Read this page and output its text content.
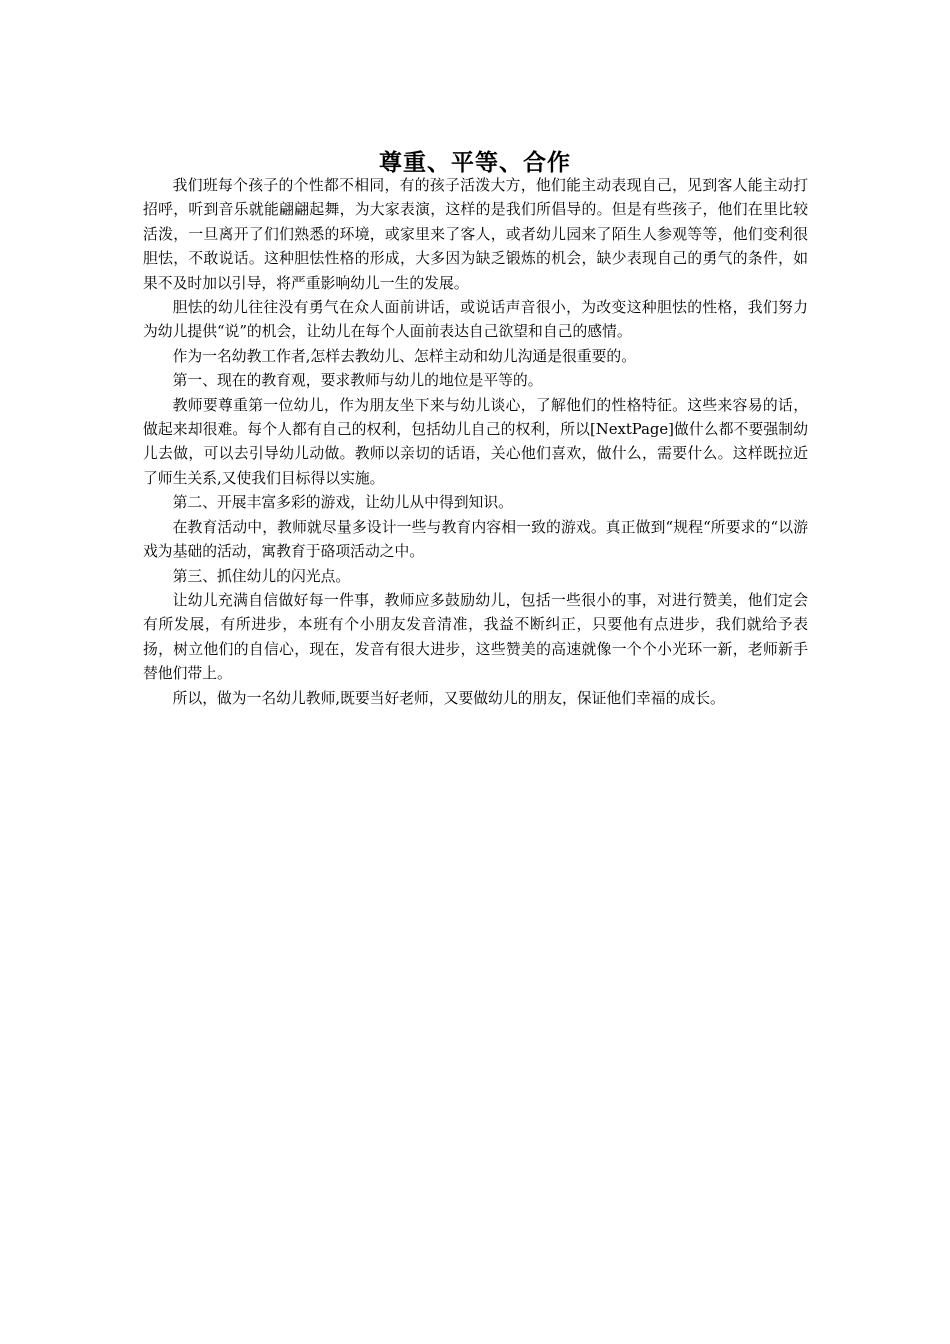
尊重、平等、合作

我们班每个孩子的个性都不相同，有的孩子活泼大方，他们能主动表现自己，见到客人能主动打招呼，听到音乐就能翩翩起舞，为大家表演，这样的是我们所倡导的。但是有些孩子，他们在里比较活泼，一旦离开了们们熟悉的环境，或家里来了客人，或者幼儿园来了陌生人参观等等，他们变利很胆怯，不敢说话。这种胆怯性格的形成，大多因为缺乏锻炼的机会，缺少表现自己的勇气的条件，如果不及时加以引导，将严重影响幼儿一生的发展。

胆怯的幼儿往往没有勇气在众人面前讲话，或说话声音很小，为改变这种胆怯的性格，我们努力为幼儿提供“说”的机会，让幼儿在每个人面前表达自己欲望和自己的感情。

作为一名幼教工作者,怎样去教幼儿、怎样主动和幼儿沟通是很重要的。

第一、现在的教育观，要求教师与幼儿的地位是平等的。

教师要尊重第一位幼儿，作为朋友坐下来与幼儿谈心，了解他们的性格特征。这些来容易的话，做起来却很难。每个人都有自己的权利，包括幼儿自己的权利，所以[NextPage]做什么都不要强制幼儿去做，可以去引导幼儿动做。教师以亲切的话语，关心他们喜欢，做什么，需要什么。这样既拉近了师生关系,又使我们目标得以实施。

第二、开展丰富多彩的游戏，让幼儿从中得到知识。

在教育活动中，教师就尽量多设计一些与教育内容相一致的游戏。真正做到“规程“所要求的“以游戏为基础的活动，寓教育于硌项活动之中。

第三、抓住幼儿的闪光点。

让幼儿充满自信做好每一件事，教师应多鼓励幼儿，包括一些很小的事，对进行赞美，他们定会有所发展，有所进步，本班有个小朋友发音清准，我益不断纠正，只要他有点进步，我们就给予表扬，树立他们的自信心，现在，发音有很大进步，这些赞美的高速就像一个个小光环一新，老师新手替他们带上。

所以，做为一名幼儿教师,既要当好老师，又要做幼儿的朋友，保证他们幸福的成长。
